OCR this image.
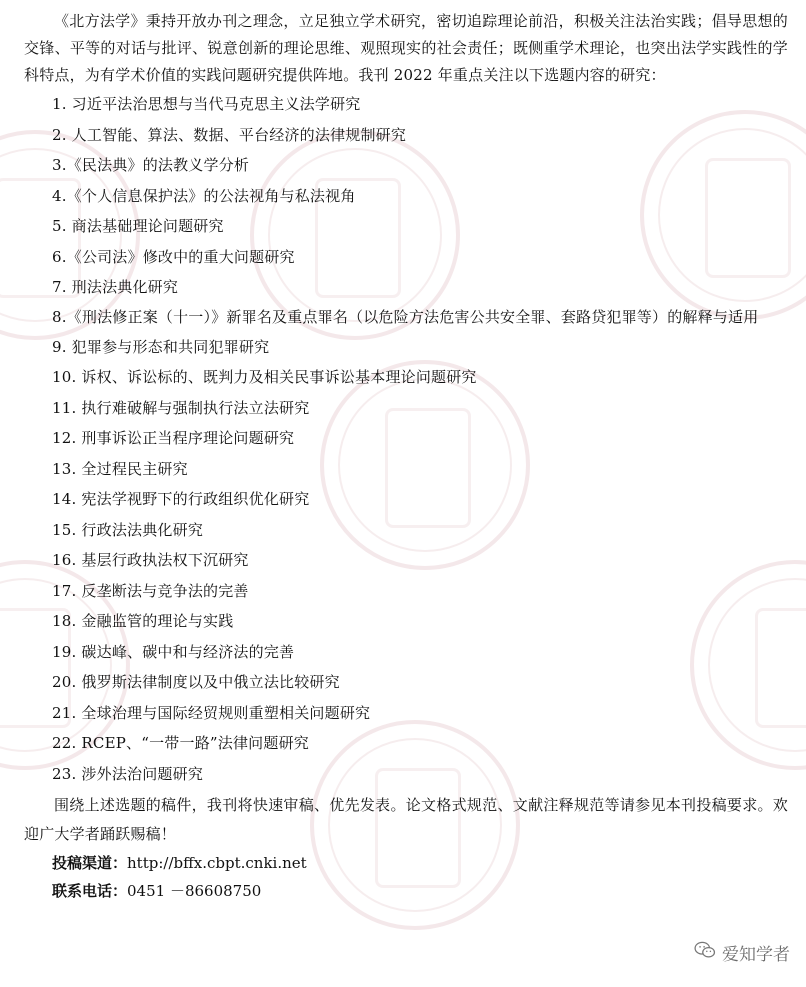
《北方法学》秉持开放办刊之理念，立足独立学术研究，密切追踪理论前沿，积极关注法治实践；倡导思想的交锋、平等的对话与批评、锐意创新的理论思维、观照现实的社会责任；既侧重学术理论，也突出法学实践性的学科特点，为有学术价值的实践问题研究提供阵地。我刊 2022 年重点关注以下选题内容的研究：

1. 习近平法治思想与当代马克思主义法学研究
2. 人工智能、算法、数据、平台经济的法律规制研究
3.《民法典》的法教义学分析
4.《个人信息保护法》的公法视角与私法视角
5. 商法基础理论问题研究
6.《公司法》修改中的重大问题研究
7. 刑法法典化研究
8.《刑法修正案（十一）》新罪名及重点罪名（以危险方法危害公共安全罪、套路贷犯罪等）的解释与适用
9. 犯罪参与形态和共同犯罪研究
10. 诉权、诉讼标的、既判力及相关民事诉讼基本理论问题研究
11. 执行难破解与强制执行法立法研究
12. 刑事诉讼正当程序理论问题研究
13. 全过程民主研究
14. 宪法学视野下的行政组织优化研究
15. 行政法法典化研究
16. 基层行政执法权下沉研究
17. 反垄断法与竞争法的完善
18. 金融监管的理论与实践
19. 碳达峰、碳中和与经济法的完善
20. 俄罗斯法律制度以及中俄立法比较研究
21. 全球治理与国际经贸规则重塑相关问题研究
22. RCEP、“一带一路”法律问题研究
23. 涉外法治问题研究

围绕上述选题的稿件，我刊将快速审稿、优先发表。论文格式规范、文献注释规范等请参见本刊投稿要求。欢迎广大学者踊跃赐稿！

投稿渠道：http://bffx.cbpt.cnki.net
联系电话：0451 －86608750
爱知学者
